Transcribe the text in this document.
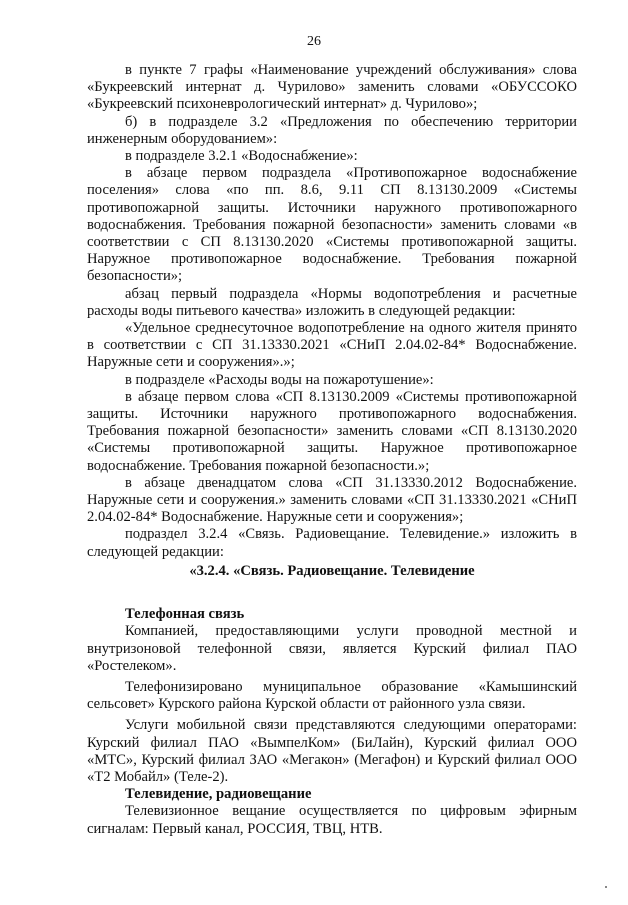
26

в пункте 7 графы «Наименование учреждений обслуживания» слова «Букреевский интернат д. Чурилово» заменить словами «ОБУССОКО «Букреевский психоневрологический интернат» д. Чурилово»;

б) в подразделе 3.2 «Предложения по обеспечению территории инженерным оборудованием»:

в подразделе 3.2.1 «Водоснабжение»:

в абзаце первом подраздела «Противопожарное водоснабжение поселения» слова «по пп. 8.6, 9.11 СП 8.13130.2009 «Системы противопожарной защиты. Источники наружного противопожарного водоснабжения. Требования пожарной безопасности» заменить словами «в соответствии с СП 8.13130.2020 «Системы противопожарной защиты. Наружное противопожарное водоснабжение. Требования пожарной безопасности»;

абзац первый подраздела «Нормы водопотребления и расчетные расходы воды питьевого качества» изложить в следующей редакции:

«Удельное среднесуточное водопотребление на одного жителя принято в соответствии с СП 31.13330.2021 «СНиП 2.04.02-84* Водоснабжение. Наружные сети и сооружения».»;

в подразделе «Расходы воды на пожаротушение»:

в абзаце первом слова «СП 8.13130.2009 «Системы противопожарной защиты. Источники наружного противопожарного водоснабжения. Требования пожарной безопасности» заменить словами «СП 8.13130.2020 «Системы противопожарной защиты. Наружное противопожарное водоснабжение. Требования пожарной безопасности.»;

в абзаце двенадцатом слова «СП 31.13330.2012 Водоснабжение. Наружные сети и сооружения.» заменить словами «СП 31.13330.2021 «СНиП 2.04.02-84* Водоснабжение. Наружные сети и сооружения»;

подраздел 3.2.4 «Связь. Радиовещание. Телевидение.» изложить в следующей редакции:

«3.2.4. «Связь. Радиовещание. Телевидение

Телефонная связь

Компанией, предоставляющими услуги проводной местной и внутризоновой телефонной связи, является Курский филиал ПАО «Ростелеком».

Телефонизировано муниципальное образование «Камышинский сельсовет» Курского района Курской области от районного узла связи.

Услуги мобильной связи представляются следующими операторами: Курский филиал ПАО «ВымпелКом» (БиЛайн), Курский филиал ООО «МТС», Курский филиал ЗАО «Мегакон» (Мегафон) и Курский филиал ООО «Т2 Мобайл» (Теле-2).

Телевидение, радиовещание

Телевизионное вещание осуществляется по цифровым эфирным сигналам: Первый канал, РОССИЯ, ТВЦ, НТВ.
